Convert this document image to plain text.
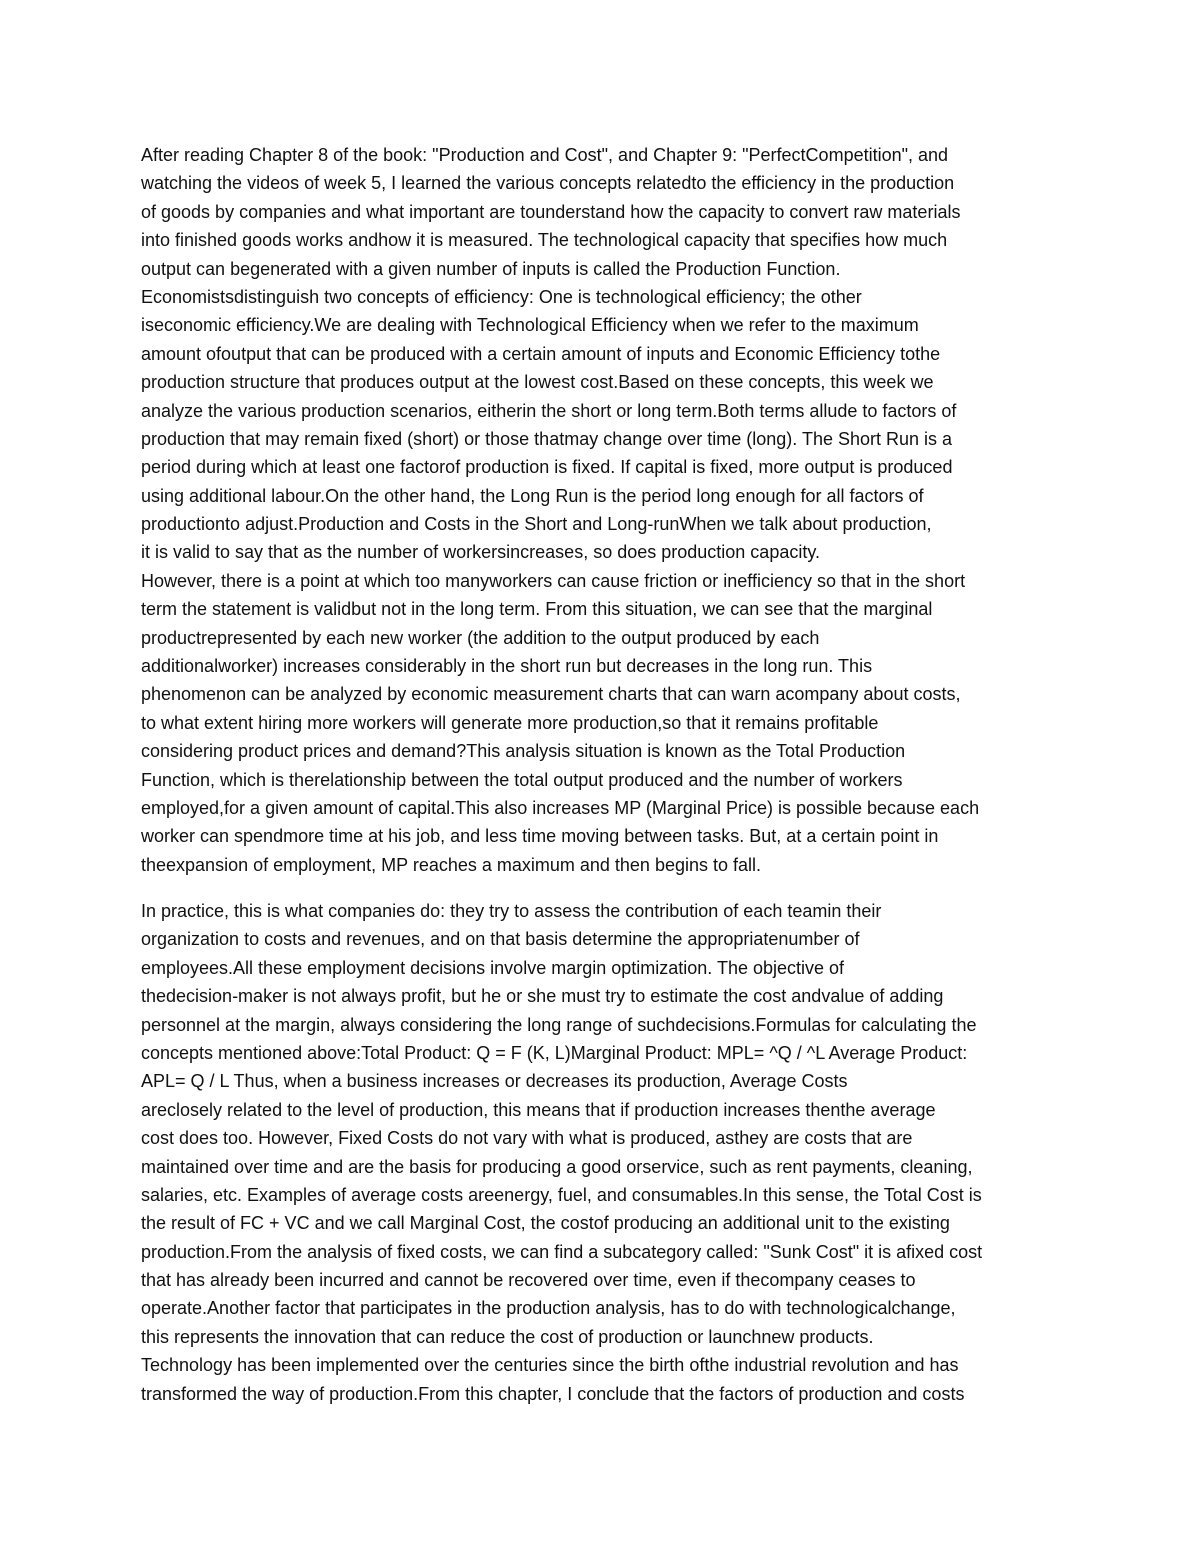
After reading Chapter 8 of the book: "Production and Cost", and Chapter 9: "PerfectCompetition", and
watching the videos of week 5, I learned the various concepts relatedto the efficiency in the production
of goods by companies and what important are tounderstand how the capacity to convert raw materials
into finished goods works andhow it is measured. The technological capacity that specifies how much
output can begenerated with a given number of inputs is called the Production Function.
Economistsdistinguish two concepts of efficiency: One is technological efficiency; the other
iseconomic efficiency.We are dealing with Technological Efficiency when we refer to the maximum
amount ofoutput that can be produced with a certain amount of inputs and Economic Efficiency tothe
production structure that produces output at the lowest cost.Based on these concepts, this week we
analyze the various production scenarios, eitherin the short or long term.Both terms allude to factors of
production that may remain fixed (short) or those thatmay change over time (long). The Short Run is a
period during which at least one factorof production is fixed. If capital is fixed, more output is produced
using additional labour.On the other hand, the Long Run is the period long enough for all factors of
productionto adjust.Production and Costs in the Short and Long-runWhen we talk about production,
it is valid to say that as the number of workersincreases, so does production capacity.
However, there is a point at which too manyworkers can cause friction or inefficiency so that in the short
term the statement is validbut not in the long term. From this situation, we can see that the marginal
productrepresented by each new worker (the addition to the output produced by each
additionalworker) increases considerably in the short run but decreases in the long run. This
phenomenon can be analyzed by economic measurement charts that can warn acompany about costs,
to what extent hiring more workers will generate more production,so that it remains profitable
considering product prices and demand?This analysis situation is known as the Total Production
Function, which is therelationship between the total output produced and the number of workers
employed,for a given amount of capital.This also increases MP (Marginal Price) is possible because each
worker can spendmore time at his job, and less time moving between tasks. But, at a certain point in
theexpansion of employment, MP reaches a maximum and then begins to fall.
In practice, this is what companies do: they try to assess the contribution of each teamin their
organization to costs and revenues, and on that basis determine the appropriatenumber of
employees.All these employment decisions involve margin optimization. The objective of
thedecision-maker is not always profit, but he or she must try to estimate the cost andvalue of adding
personnel at the margin, always considering the long range of suchdecisions.Formulas for calculating the
concepts mentioned above:Total Product: Q = F (K, L)Marginal Product: MPL= ^Q / ^L Average Product:
APL= Q / L Thus, when a business increases or decreases its production, Average Costs
areclosely related to the level of production, this means that if production increases thenthe average
cost does too. However, Fixed Costs do not vary with what is produced, asthey are costs that are
maintained over time and are the basis for producing a good orservice, such as rent payments, cleaning,
salaries, etc. Examples of average costs areenergy, fuel, and consumables.In this sense, the Total Cost is
the result of FC + VC and we call Marginal Cost, the costof producing an additional unit to the existing
production.From the analysis of fixed costs, we can find a subcategory called: "Sunk Cost" it is afixed cost
that has already been incurred and cannot be recovered over time, even if thecompany ceases to
operate.Another factor that participates in the production analysis, has to do with technologicalchange,
this represents the innovation that can reduce the cost of production or launchnew products.
Technology has been implemented over the centuries since the birth ofthe industrial revolution and has
transformed the way of production.From this chapter, I conclude that the factors of production and costs
